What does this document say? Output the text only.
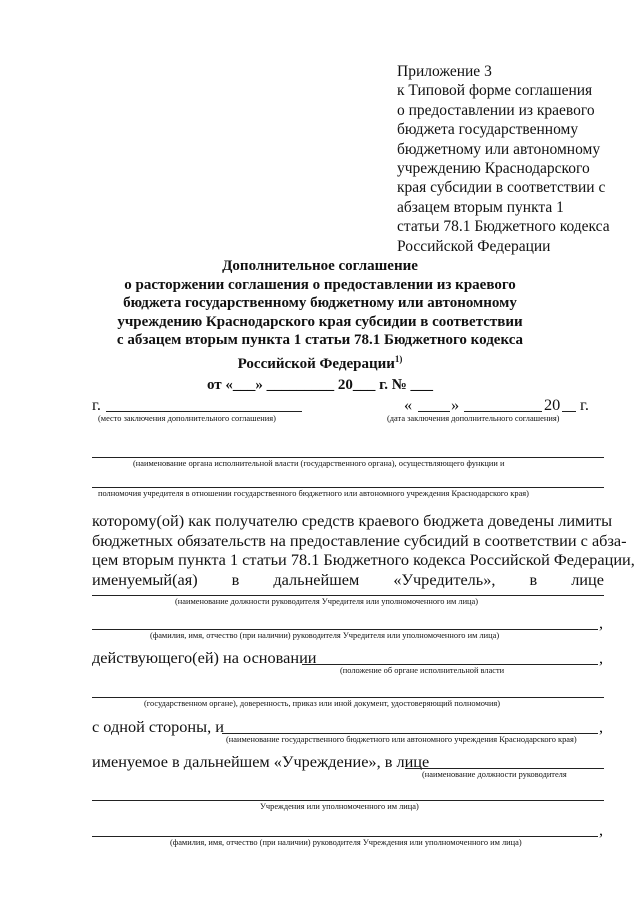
Приложение 3
к Типовой форме соглашения
о предоставлении из краевого
бюджета государственному
бюджетному или автономному
учреждению Краснодарского
края субсидии в соответствии с
абзацем вторым пункта 1
статьи 78.1 Бюджетного кодекса
Российской Федерации
Дополнительное соглашение
о расторжении соглашения о предоставлении из краевого
бюджета государственному бюджетному или автономному
учреждению Краснодарского края субсидии в соответствии
с абзацем вторым пункта 1 статьи 78.1 Бюджетного кодекса
Российской Федерации$^{1)}$
от «___» _________ 20___ г. № ___
г.
(место заключения дополнительного соглашения)
« »	20 г.
(дата заключения дополнительного соглашения)
(наименование органа исполнительной власти (государственного органа), осуществляющего функции и
полномочия учредителя в отношении государственного бюджетного или автономного учреждения Краснодарского края)
которому(ой) как получателю средств краевого бюджета доведены лимиты
бюджетных обязательств на предоставление субсидий в соответствии с абза-
цем вторым пункта 1 статьи 78.1 Бюджетного кодекса Российской Федерации,
именуемый(ая) в дальнейшем «Учредитель», в лице
(наименование должности руководителя Учредителя или уполномоченного им лица)
,
(фамилия, имя, отчество (при наличии) руководителя Учредителя или уполномоченного им лица)
действующего(ей) на основании	,
(положение об органе исполнительной власти
(государственном органе), доверенность, приказ или иной документ, удостоверяющий полномочия)
с одной стороны, и	,
(наименование государственного бюджетного или автономного учреждения Краснодарского края)
именуемое в дальнейшем «Учреждение», в лице
(наименование должности руководителя
Учреждения или уполномоченного им лица)
,
(фамилия, имя, отчество (при наличии) руководителя Учреждения или уполномоченного им лица)
